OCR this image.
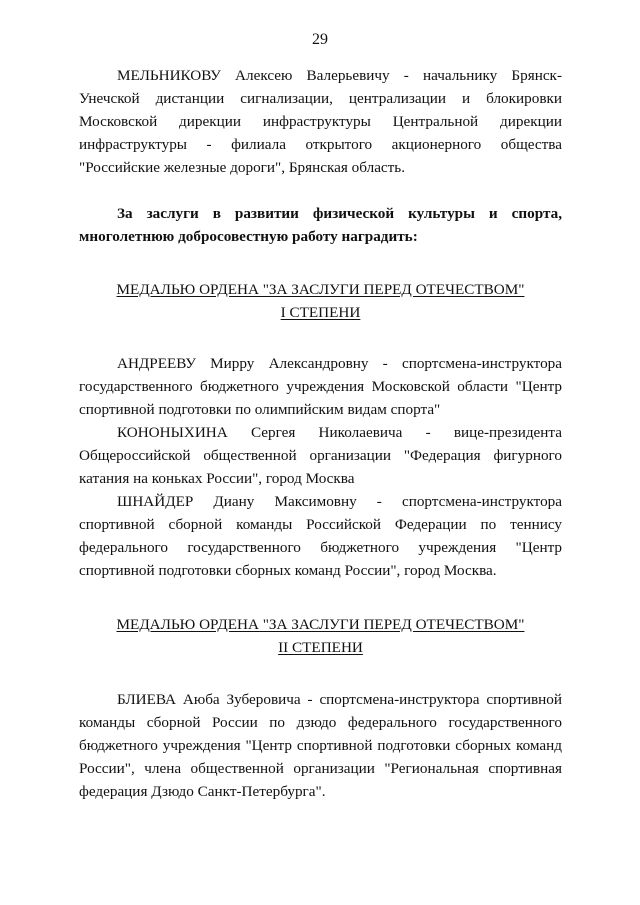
29

МЕЛЬНИКОВУ Алексею Валерьевичу - начальнику Брянск-Унечской дистанции сигнализации, централизации и блокировки Московской дирекции инфраструктуры Центральной дирекции инфраструктуры - филиала открытого акционерного общества "Российские железные дороги", Брянская область.

За заслуги в развитии физической культуры и спорта, многолетнюю добросовестную работу наградить:

МЕДАЛЬЮ ОРДЕНА "ЗА ЗАСЛУГИ ПЕРЕД ОТЕЧЕСТВОМ"
I СТЕПЕНИ

АНДРЕЕВУ Мирру Александровну - спортсмена-инструктора государственного бюджетного учреждения Московской области "Центр спортивной подготовки по олимпийским видам спорта"

КОНОНЫХИНА Сергея Николаевича - вице-президента Общероссийской общественной организации "Федерация фигурного катания на коньках России", город Москва

ШНАЙДЕР Диану Максимовну - спортсмена-инструктора спортивной сборной команды Российской Федерации по теннису федерального государственного бюджетного учреждения "Центр спортивной подготовки сборных команд России", город Москва.

МЕДАЛЬЮ ОРДЕНА "ЗА ЗАСЛУГИ ПЕРЕД ОТЕЧЕСТВОМ"
II СТЕПЕНИ

БЛИЕВА Аюба Зуберовича - спортсмена-инструктора спортивной команды сборной России по дзюдо федерального государственного бюджетного учреждения "Центр спортивной подготовки сборных команд России", члена общественной организации "Региональная спортивная федерация Дзюдо Санкт-Петербурга".
